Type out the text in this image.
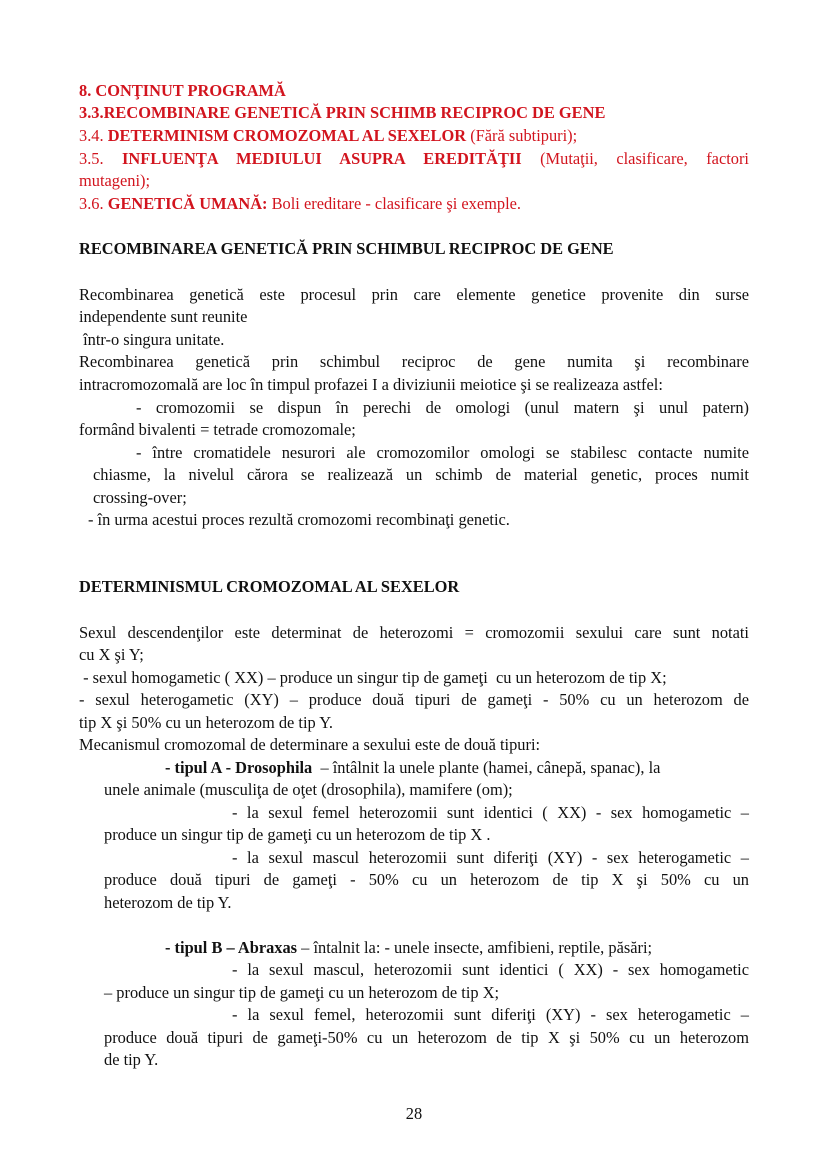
8. CONŢINUT PROGRAMĂ
3.3.RECOMBINARE GENETICĂ PRIN SCHIMB RECIPROC DE GENE
3.4. DETERMINISM CROMOZOMAL AL SEXELOR (Fără subtipuri);
3.5. INFLUENŢA MEDIULUI ASUPRA EREDITĂŢII (Mutaţii, clasificare, factori
mutageni);
3.6. GENETICĂ UMANĂ: Boli ereditare - clasificare şi exemple.
RECOMBINAREA GENETICĂ PRIN SCHIMBUL RECIPROC DE GENE
Recombinarea genetică este procesul prin care elemente genetice provenite din surse
independente sunt reunite
într-o singura unitate.
Recombinarea genetică prin schimbul reciproc de gene numita şi recombinare
intracromozomală are loc în timpul profazei I a diviziunii meiotice şi se realizeaza astfel:
- cromozomii se dispun în perechi de omologi (unul matern şi unul patern)
formând bivalenti = tetrade cromozomale;
- între cromatidele nesurori ale cromozomilor omologi se stabilesc contacte numite
chiasme, la nivelul cărora se realizează un schimb de material genetic, proces numit
crossing-over;
- în urma acestui proces rezultă cromozomi recombinaţi genetic.
DETERMINISMUL CROMOZOMAL AL SEXELOR
Sexul descendenţilor este determinat de heterozomi = cromozomii sexului care sunt notati
cu X şi Y;
- sexul homogametic ( XX) – produce un singur tip de gameţi  cu un heterozom de tip X;
- sexul heterogametic (XY) – produce două tipuri de gameţi - 50% cu un heterozom de
tip X şi 50% cu un heterozom de tip Y.
Mecanismul cromozomal de determinare a sexului este de două tipuri:
- tipul A - Drosophila  – întâlnit la unele plante (hamei, cânepă, spanac), la
unele animale (musculiţa de oţet (drosophila), mamifere (om);
- la sexul femel heterozomii sunt identici ( XX) - sex homogametic –
produce un singur tip de gameţi cu un heterozom de tip X .
- la sexul mascul heterozomii sunt diferiţi (XY) - sex heterogametic –
produce două tipuri de gameţi - 50% cu un heterozom de tip X şi 50% cu un
heterozom de tip Y.
- tipul B – Abraxas – întalnit la: - unele insecte, amfibieni, reptile, păsări;
- la sexul mascul, heterozomii sunt identici ( XX) - sex homogametic
– produce un singur tip de gameţi cu un heterozom de tip X;
- la sexul femel, heterozomii sunt diferiţi (XY) - sex heterogametic –
produce două tipuri de gameţi-50% cu un heterozom de tip X şi 50% cu un heterozom
de tip Y.
28
